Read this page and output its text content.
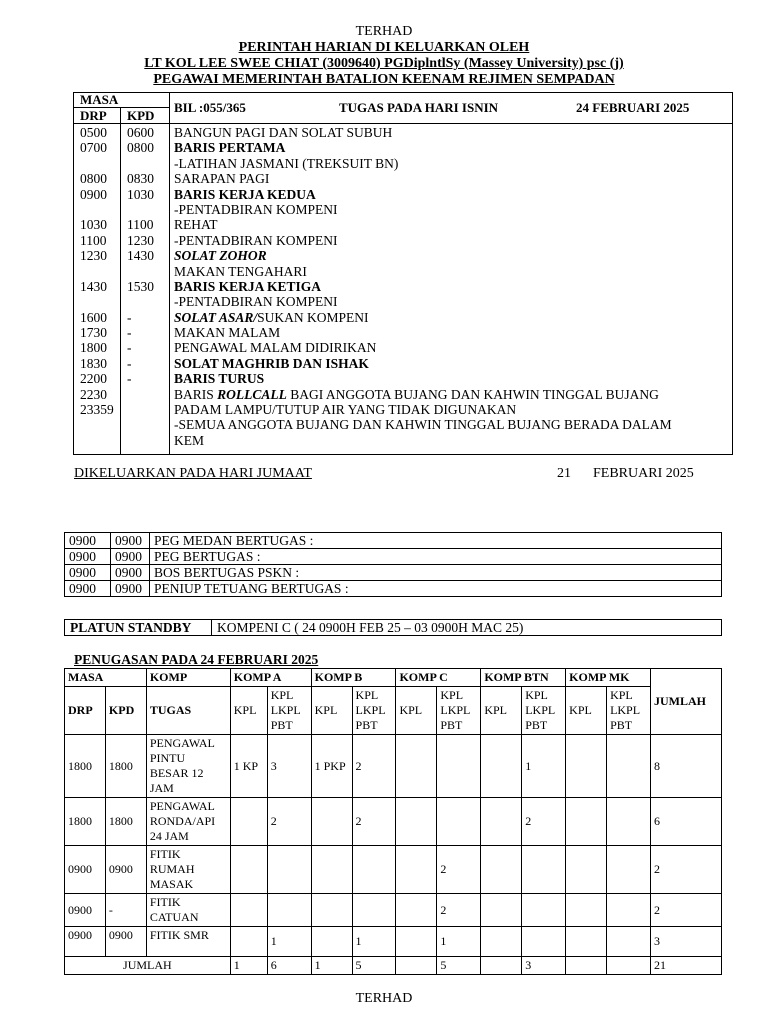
TERHAD
PERINTAH HARIAN DI KELUARKAN OLEH
LT KOL LEE SWEE CHIAT (3009640) PGDiplntlSy (Massey University) psc (j)
PEGAWAI MEMERINTAH BATALION KEENAM REJIMEN SEMPADAN
MASA
DRP KPD
BIL :055/365	TUGAS PADA HARI ISNIN	24 FEBRUARI 2025
0500 0600 BANGUN PAGI DAN SOLAT SUBUH
0700 0800 BARIS PERTAMA
-LATIHAN JASMANI (TREKSUIT BN)
0800 0830 SARAPAN PAGI
0900 1030 BARIS KERJA KEDUA
-PENTADBIRAN KOMPENI
1030 1100 REHAT
1100 1230 -PENTADBIRAN KOMPENI
1230 1430 SOLAT ZOHOR
MAKAN TENGAHARI
1430 1530 BARIS KERJA KETIGA
-PENTADBIRAN KOMPENI
1600 -	SOLAT ASAR/SUKAN KOMPENI
1730 -	MAKAN MALAM
1800 -	PENGAWAL MALAM DIDIRIKAN
1830 -	SOLAT MAGHRIB DAN ISHAK
2200 -	BARIS TURUS
2230	BARIS ROLLCALL BAGI ANGGOTA BUJANG DAN KAHWIN TINGGAL BUJANG
23359	PADAM LAMPU/TUTUP AIR YANG TIDAK DIGUNAKAN
-SEMUA ANGGOTA BUJANG DAN KAHWIN TINGGAL BUJANG BERADA DALAM
KEM
DIKELUARKAN PADA HARI JUMAAT	21 FEBRUARI 2025
0900	0900	PEG MEDAN BERTUGAS :
0900	0900	PEG BERTUGAS :
0900	0900	BOS BERTUGAS PSKN :
0900	0900	PENIUP TETUANG BERTUGAS :
PLATUN STANDBY	KOMPENI C ( 24 0900H FEB 25 – 03 0900H MAC 25)
PENUGASAN PADA 24 FEBRUARI 2025
MASA		KOMP	KOMP A		KOMP B		KOMP C		KOMP BTN		KOMP MK		JUMLAH
DRP	KPD	TUGAS	KPL	KPL LKPL PBT	KPL	KPL LKPL PBT	KPL	KPL LKPL PBT	KPL	KPL LKPL PBT	KPL	KPL LKPL PBT	
1800	1800	PENGAWAL PINTU BESAR 12 JAM	1 KP	3	1 PKP	2				1			8
1800	1800	PENGAWAL RONDA/API 24 JAM		2		2				2			6
0900	0900	FITIK RUMAH MASAK						2					2
0900	-	FITIK CATUAN						2					2
0900	0900	FITIK SMR		1		1		1					3
JUMLAH			1	6	1	5		5		3			21
TERHAD
